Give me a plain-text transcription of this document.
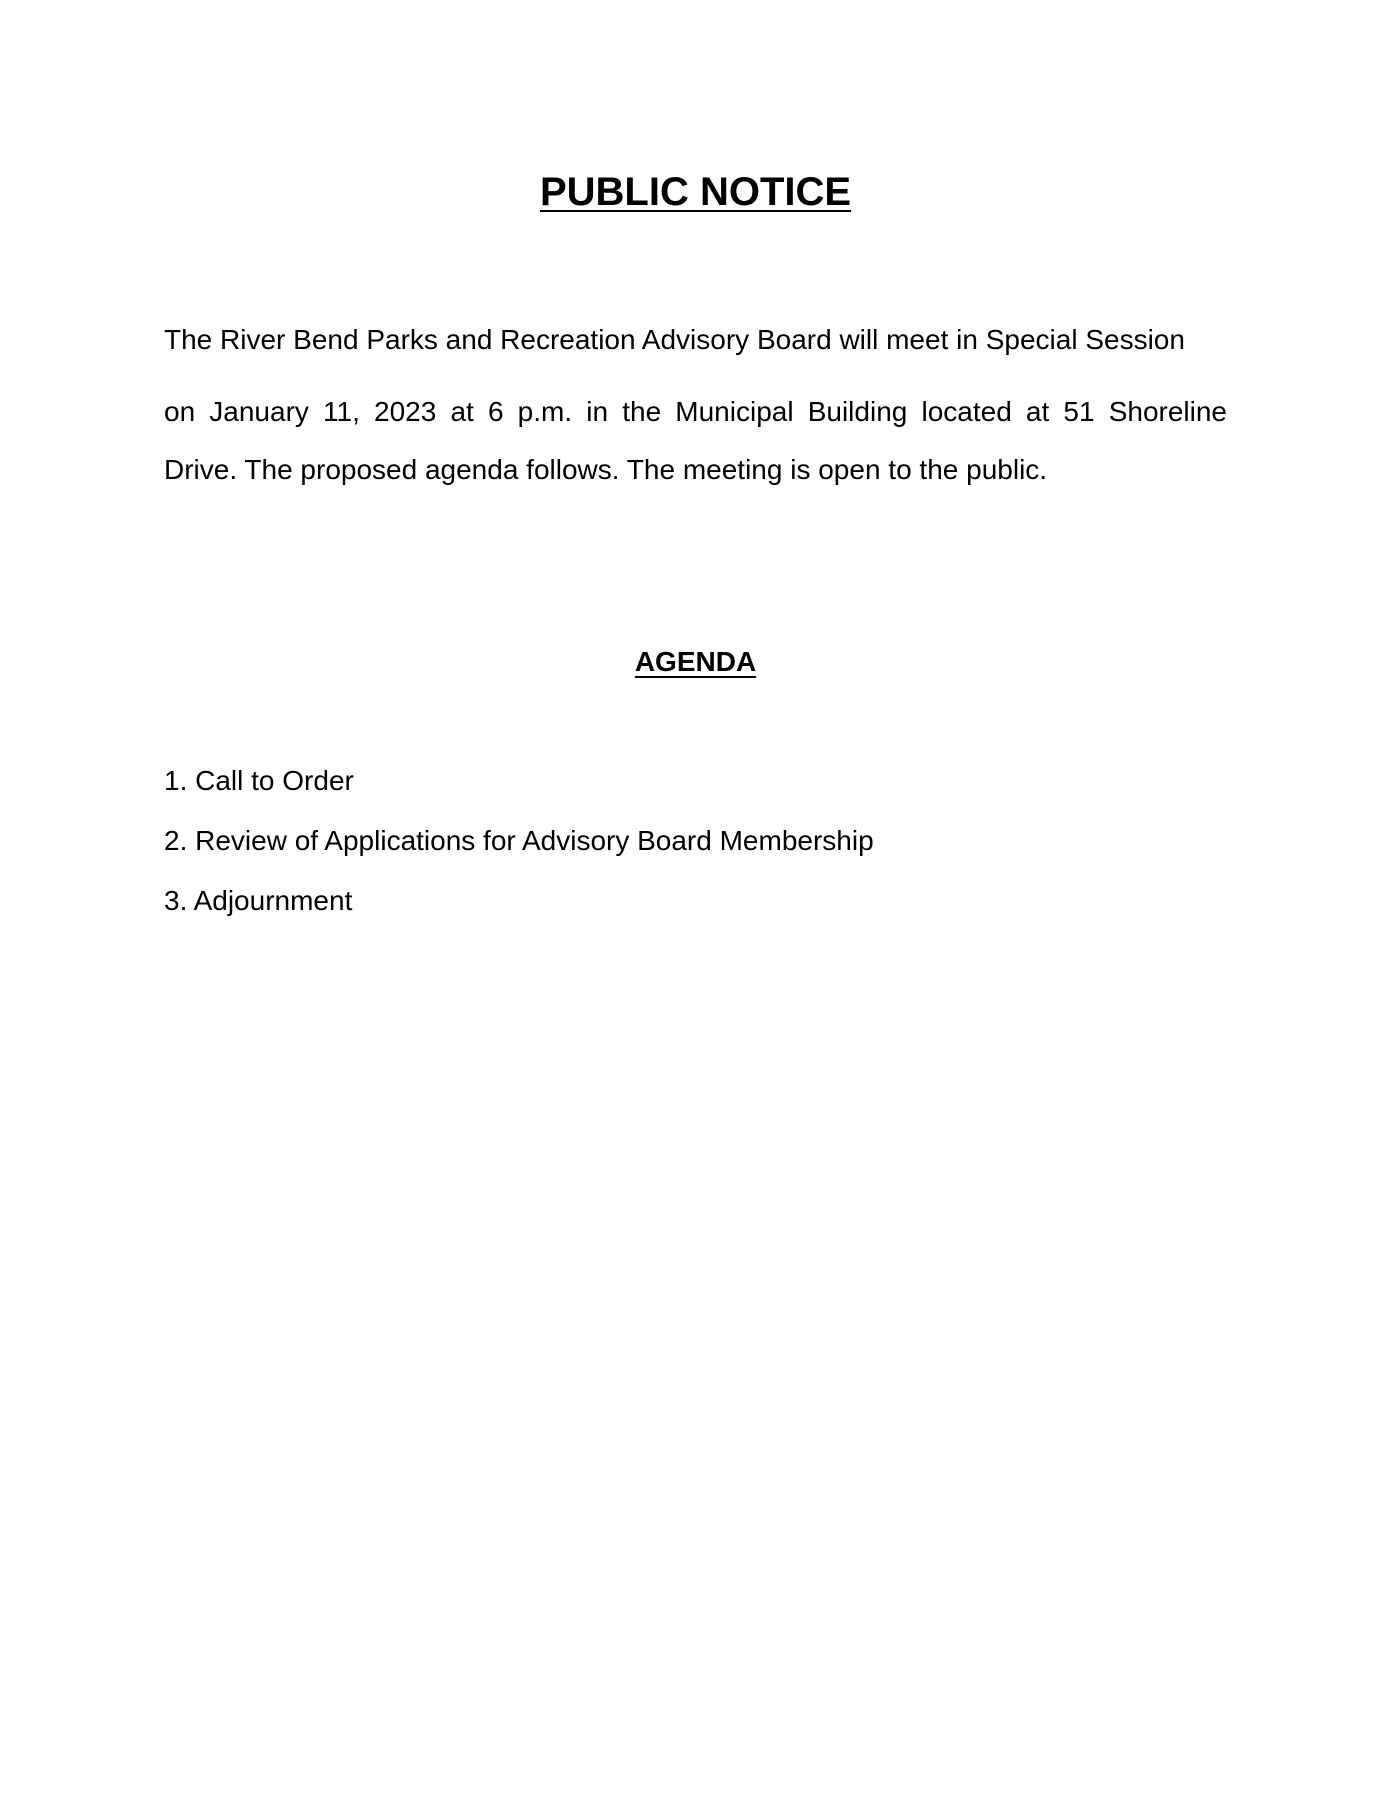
PUBLIC NOTICE
The River Bend Parks and Recreation Advisory Board will meet in Special Session
on January 11, 2023 at 6 p.m. in the Municipal Building located at 51 Shoreline
Drive. The proposed agenda follows. The meeting is open to the public.
AGENDA
1. Call to Order
2. Review of Applications for Advisory Board Membership
3. Adjournment
